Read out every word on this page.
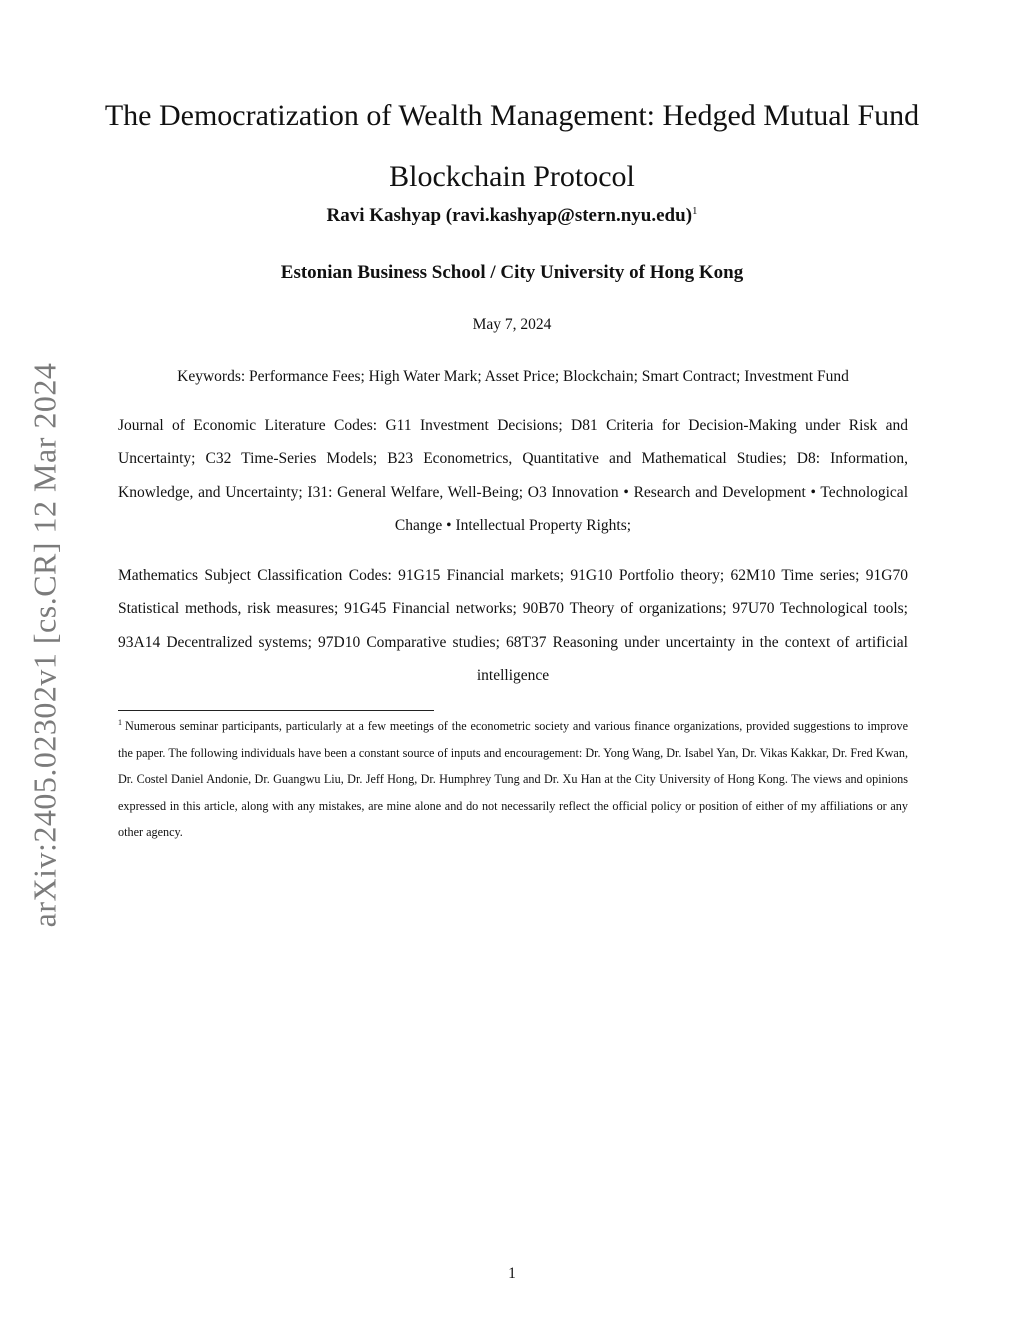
arXiv:2405.02302v1 [cs.CR] 12 Mar 2024
The Democratization of Wealth Management: Hedged Mutual Fund Blockchain Protocol
Ravi Kashyap (ravi.kashyap@stern.nyu.edu)$^1$
Estonian Business School / City University of Hong Kong
May 7, 2024

Keywords: Performance Fees; High Water Mark; Asset Price; Blockchain; Smart Contract; Investment Fund

Journal of Economic Literature Codes: G11 Investment Decisions; D81 Criteria for Decision-Making under Risk and Uncertainty; C32 Time-Series Models; B23 Econometrics, Quantitative and Mathematical Studies; D8: Information, Knowledge, and Uncertainty; I31: General Welfare, Well-Being; O3 Innovation • Research and Development • Technological Change • Intellectual Property Rights;

Mathematics Subject Classification Codes: 91G15 Financial markets; 91G10 Portfolio theory; 62M10 Time series; 91G70 Statistical methods, risk measures; 91G45 Financial networks; 90B70 Theory of organizations; 97U70 Technological tools; 93A14 Decentralized systems; 97D10 Comparative studies; 68T37 Reasoning under uncertainty in the context of artificial intelligence

$^1$ Numerous seminar participants, particularly at a few meetings of the econometric society and various finance organizations, provided suggestions to improve the paper. The following individuals have been a constant source of inputs and encouragement: Dr. Yong Wang, Dr. Isabel Yan, Dr. Vikas Kakkar, Dr. Fred Kwan, Dr. Costel Daniel Andonie, Dr. Guangwu Liu, Dr. Jeff Hong, Dr. Humphrey Tung and Dr. Xu Han at the City University of Hong Kong. The views and opinions expressed in this article, along with any mistakes, are mine alone and do not necessarily reflect the official policy or position of either of my affiliations or any other agency.

1
